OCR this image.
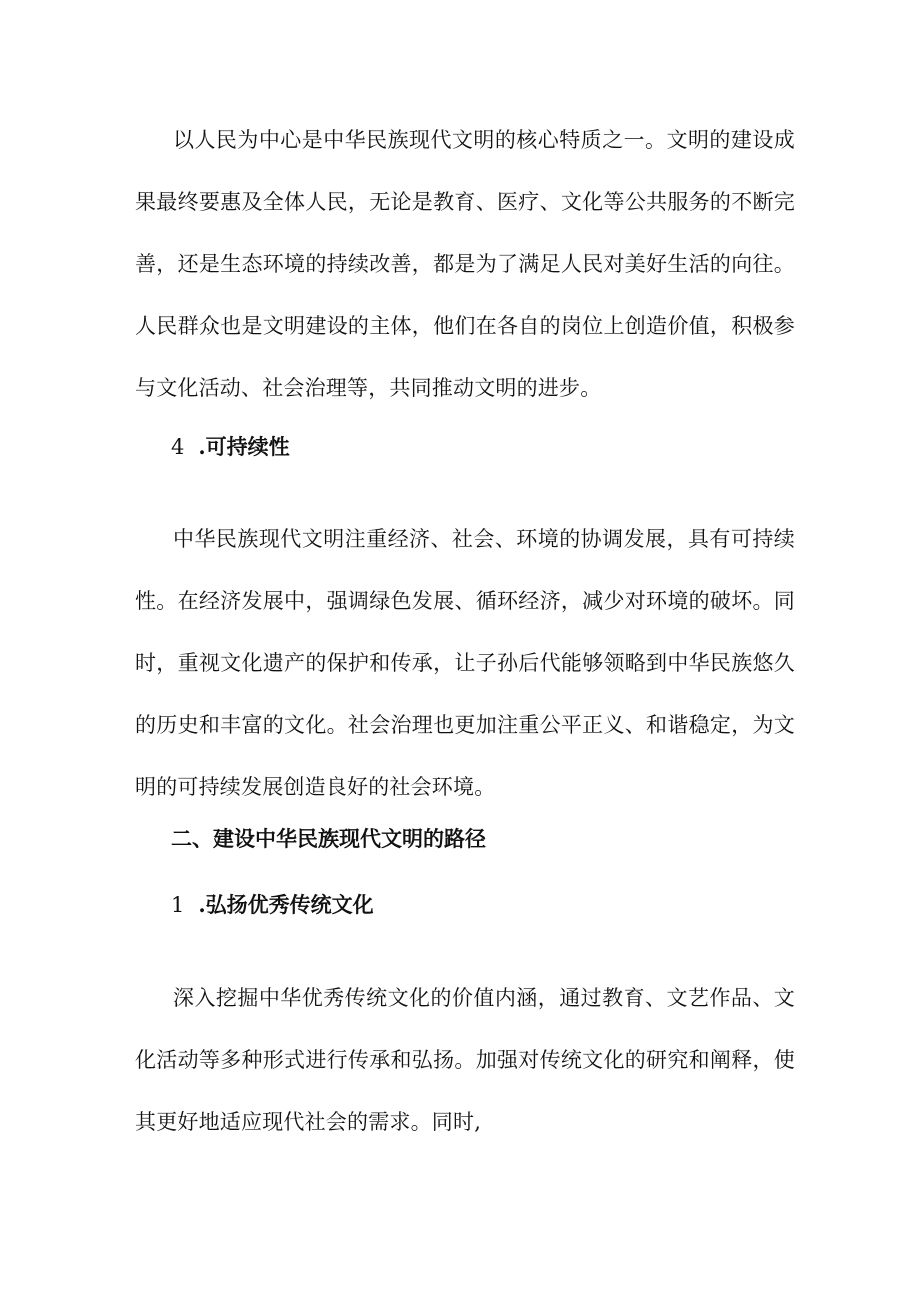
以人民为中心是中华民族现代文明的核心特质之一。文明的建设成果最终要惠及全体人民，无论是教育、医疗、文化等公共服务的不断完善，还是生态环境的持续改善，都是为了满足人民对美好生活的向往。人民群众也是文明建设的主体，他们在各自的岗位上创造价值，积极参与文化活动、社会治理等，共同推动文明的进步。

4 .可持续性

中华民族现代文明注重经济、社会、环境的协调发展，具有可持续性。在经济发展中，强调绿色发展、循环经济，减少对环境的破坏。同时，重视文化遗产的保护和传承，让子孙后代能够领略到中华民族悠久的历史和丰富的文化。社会治理也更加注重公平正义、和谐稳定，为文明的可持续发展创造良好的社会环境。

二、建设中华民族现代文明的路径
1 .弘扬优秀传统文化

深入挖掘中华优秀传统文化的价值内涵，通过教育、文艺作品、文化活动等多种形式进行传承和弘扬。加强对传统文化的研究和阐释，使其更好地适应现代社会的需求。同时,
